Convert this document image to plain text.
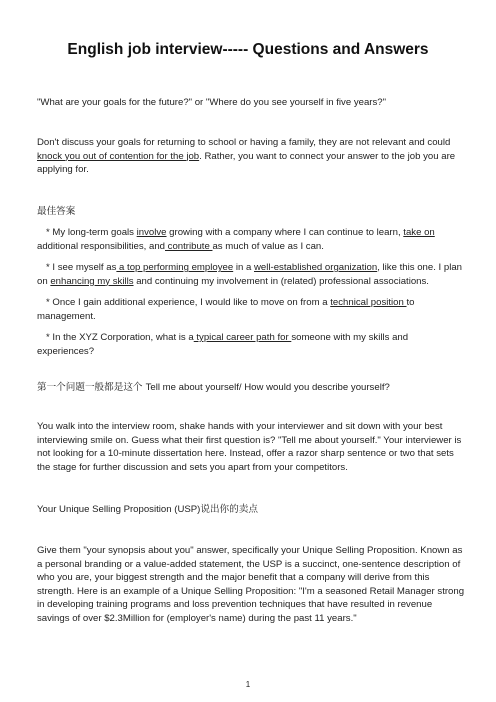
English job interview----- Questions and Answers
"What are your goals for the future?" or "Where do you see yourself in five years?"
Don't discuss your goals for returning to school or having a family, they are not relevant and could knock you out of contention for the job. Rather, you want to connect your answer to the job you are applying for.
最佳答案
* My long-term goals involve growing with a company where I can continue to learn, take on additional responsibilities, and contribute as much of value as I can.
* I see myself as a top performing employee in a well-established organization, like this one. I plan on enhancing my skills and continuing my involvement in (related) professional associations.
* Once I gain additional experience, I would like to move on from a technical position to management.
* In the XYZ Corporation, what is a typical career path for someone with my skills and experiences?
第一个问题一般都是这个 Tell me about yourself/ How would you describe yourself?
You walk into the interview room, shake hands with your interviewer and sit down with your best interviewing smile on. Guess what their first question is? "Tell me about yourself." Your interviewer is not looking for a 10-minute dissertation here. Instead, offer a razor sharp sentence or two that sets the stage for further discussion and sets you apart from your competitors.
Your Unique Selling Proposition (USP)说出你的卖点
Give them "your synopsis about you" answer, specifically your Unique Selling Proposition. Known as a personal branding or a value-added statement, the USP is a succinct, one-sentence description of who you are, your biggest strength and the major benefit that a company will derive from this strength. Here is an example of a Unique Selling Proposition: "I'm a seasoned Retail Manager strong in developing training programs and loss prevention techniques that have resulted in revenue savings of over $2.3Million for (employer's name) during the past 11 years."
1
